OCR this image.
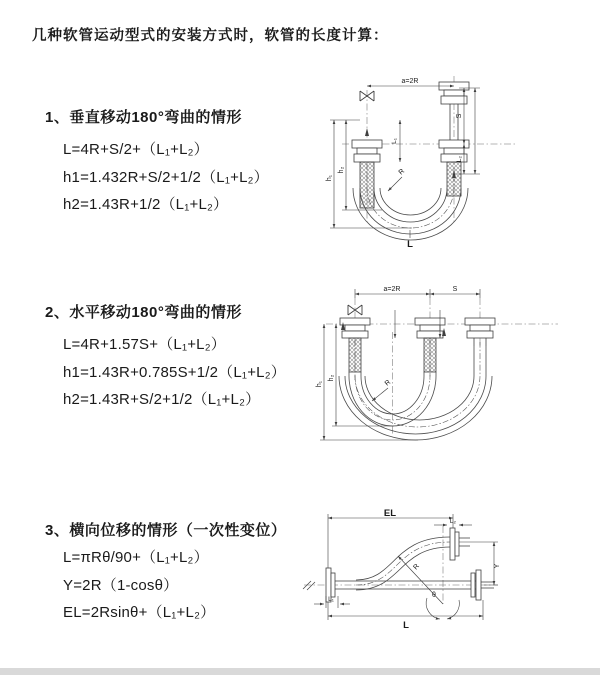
几种软管运动型式的安装方式时，软管的长度计算：
1、垂直移动180°弯曲的情形
L=4R+S/2+（L₁+L₂）
h1=1.432R+S/2+1/2（L₁+L₂）
h2=1.43R+1/2（L₁+L₂）
2、水平移动180°弯曲的情形
L=4R+1.57S+（L₁+L₂）
h1=1.43R+0.785S+1/2（L₁+L₂）
h2=1.43R+S/2+1/2（L₁+L₂）
3、横向位移的情形（一次性变位）
L=πRθ/90+（L₁+L₂）
Y=2R（1-cosθ）
EL=2Rsinθ+（L₁+L₂）
a=2R
h₁
h₂
L₁
S
L₂
R
L
a=2R	S
h₁
h₂
R
EL
L₂
Y
L
L₁
R
θ
